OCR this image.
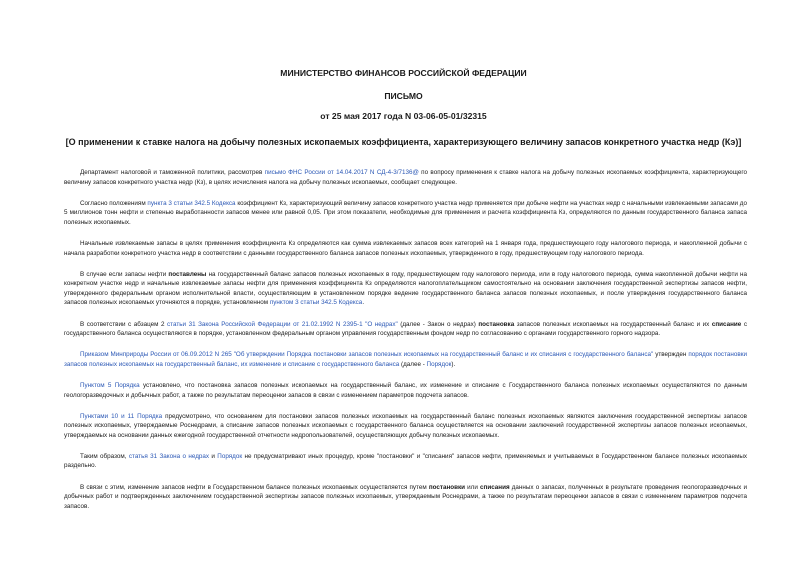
МИНИСТЕРСТВО ФИНАНСОВ РОССИЙСКОЙ ФЕДЕРАЦИИ
ПИСЬМО
от 25 мая 2017 года N 03-06-05-01/32315
[О применении к ставке налога на добычу полезных ископаемых коэффициента, характеризующего величину запасов конкретного участка недр (Кэ)]

Департамент налоговой и таможенной политики, рассмотрев письмо ФНС России от 14.04.2017 N СД-4-3/7136@ по вопросу применения к ставке налога на добычу полезных ископаемых коэффициента, характеризующего величину запасов конкретного участка недр (Кз), в целях исчисления налога на добычу полезных ископаемых, сообщает следующее.

Согласно положениям пункта 3 статьи 342.5 Кодекса коэффициент Кз, характеризующий величину запасов конкретного участка недр применяется при добыче нефти на участках недр с начальными извлекаемыми запасами до 5 миллионов тонн нефти и степенью выработанности запасов менее или равной 0,05. При этом показатели, необходимые для применения и расчета коэффициента Кз, определяются по данным государственного баланса запаса полезных ископаемых.

Начальные извлекаемые запасы в целях применения коэффициента Кз определяются как сумма извлекаемых запасов всех категорий на 1 января года, предшествующего году налогового периода, и накопленной добычи с начала разработки конкретного участка недр в соответствии с данными государственного баланса запасов полезных ископаемых, утвержденного в году, предшествующем году налогового периода.

В случае если запасы нефти поставлены на государственный баланс запасов полезных ископаемых в году, предшествующем году налогового периода, или в году налогового периода, сумма накопленной добычи нефти на конкретном участке недр и начальные извлекаемые запасы нефти для применения коэффициента Кз определяются налогоплательщиком самостоятельно на основании заключения государственной экспертизы запасов нефти, утвержденного федеральным органом исполнительной власти, осуществляющим в установленном порядке ведение государственного баланса запасов полезных ископаемых, и после утверждения государственного баланса запасов полезных ископаемых уточняются в порядке, установленном пунктом 3 статьи 342.5 Кодекса.

В соответствии с абзацем 2 статьи 31 Закона Российской Федерации от 21.02.1992 N 2395-1 "О недрах" (далее - Закон о недрах) постановка запасов полезных ископаемых на государственный баланс и их списание с государственного баланса осуществляются в порядке, установленном федеральным органом управления государственным фондом недр по согласованию с органами государственного горного надзора.

Приказом Минприроды России от 06.09.2012 N 265 "Об утверждении Порядка постановки запасов полезных ископаемых на государственный баланс и их списания с государственного баланса" утвержден порядок постановки запасов полезных ископаемых на государственный баланс, их изменение и списание с государственного баланса (далее - Порядок).

Пунктом 5 Порядка установлено, что постановка запасов полезных ископаемых на государственный баланс, их изменение и списание с Государственного баланса полезных ископаемых осуществляются по данным геологоразведочных и добычных работ, а также по результатам переоценки запасов в связи с изменением параметров подсчета запасов.

Пунктами 10 и 11 Порядка предусмотрено, что основанием для постановки запасов полезных ископаемых на государственный баланс полезных ископаемых являются заключения государственной экспертизы запасов полезных ископаемых, утверждаемые Роснедрами, а списание запасов полезных ископаемых с государственного баланса осуществляется на основании заключений государственной экспертизы запасов полезных ископаемых, утверждаемых на основании данных ежегодной государственной отчетности недропользователей, осуществляющих добычу полезных ископаемых.

Таким образом, статья 31 Закона о недрах и Порядок не предусматривают иных процедур, кроме "постановки" и "списания" запасов нефти, применяемых и учитываемых в Государственном балансе полезных ископаемых раздельно.

В связи с этим, изменение запасов нефти в Государственном балансе полезных ископаемых осуществляется путем постановки или списания данных о запасах, полученных в результате проведения геологоразведочных и добычных работ и подтвержденных заключением государственной экспертизы запасов полезных ископаемых, утверждаемым Роснедрами, а также по результатам переоценки запасов в связи с изменением параметров подсчета запасов.
